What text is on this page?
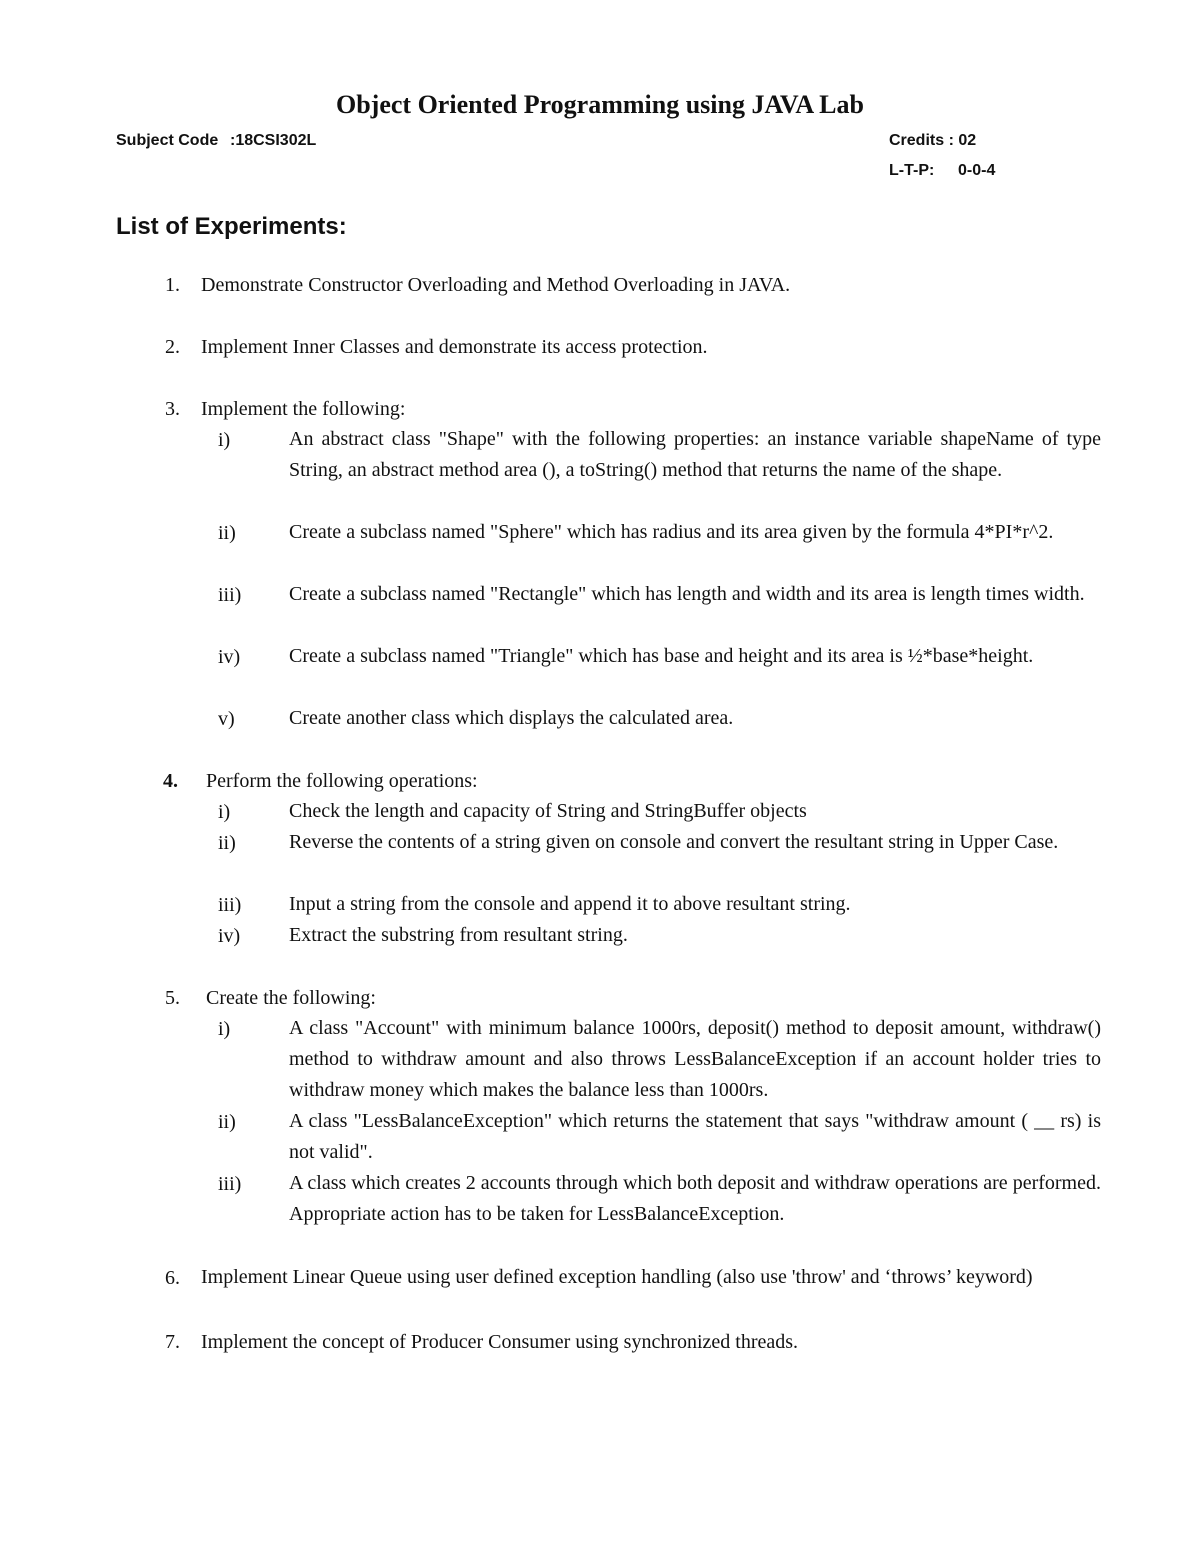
Object Oriented Programming using JAVA Lab
Subject Code :18CSI302L	Credits : 02
L-T-P: 0-0-4
List of Experiments:
1. Demonstrate Constructor Overloading and Method Overloading in JAVA.
2. Implement Inner Classes and demonstrate its access protection.
3. Implement the following:
i)	An abstract class "Shape" with the following properties: an instance variable shapeName of type String, an abstract method area (), a toString() method that returns the name of the shape.
ii)	Create a subclass named "Sphere" which has radius and its area given by the formula 4*PI*r^2.
iii) Create a subclass named "Rectangle" which has length and width and its area is length times width.
iv) Create a subclass named "Triangle" which has base and height and its area is ½*base*height.
v)	Create another class which displays the calculated area.
4. Perform the following operations:
i)	Check the length and capacity of String and StringBuffer objects
ii)	Reverse the contents of a string given on console and convert the resultant string in Upper Case.
iii) Input a string from the console and append it to above resultant string.
iv) Extract the substring from resultant string.
5. Create the following:
i)	A class "Account" with minimum balance 1000rs, deposit() method to deposit amount, withdraw() method to withdraw amount and also throws LessBalanceException if an account holder tries to withdraw money which makes the balance less than 1000rs.
ii)	A class "LessBalanceException" which returns the statement that says "withdraw amount ( __ rs) is not valid".
iii) A class which creates 2 accounts through which both deposit and withdraw operations are performed. Appropriate action has to be taken for LessBalanceException.
6. Implement Linear Queue using user defined exception handling (also use 'throw' and ‘throws’ keyword)
7. Implement the concept of Producer Consumer using synchronized threads.
